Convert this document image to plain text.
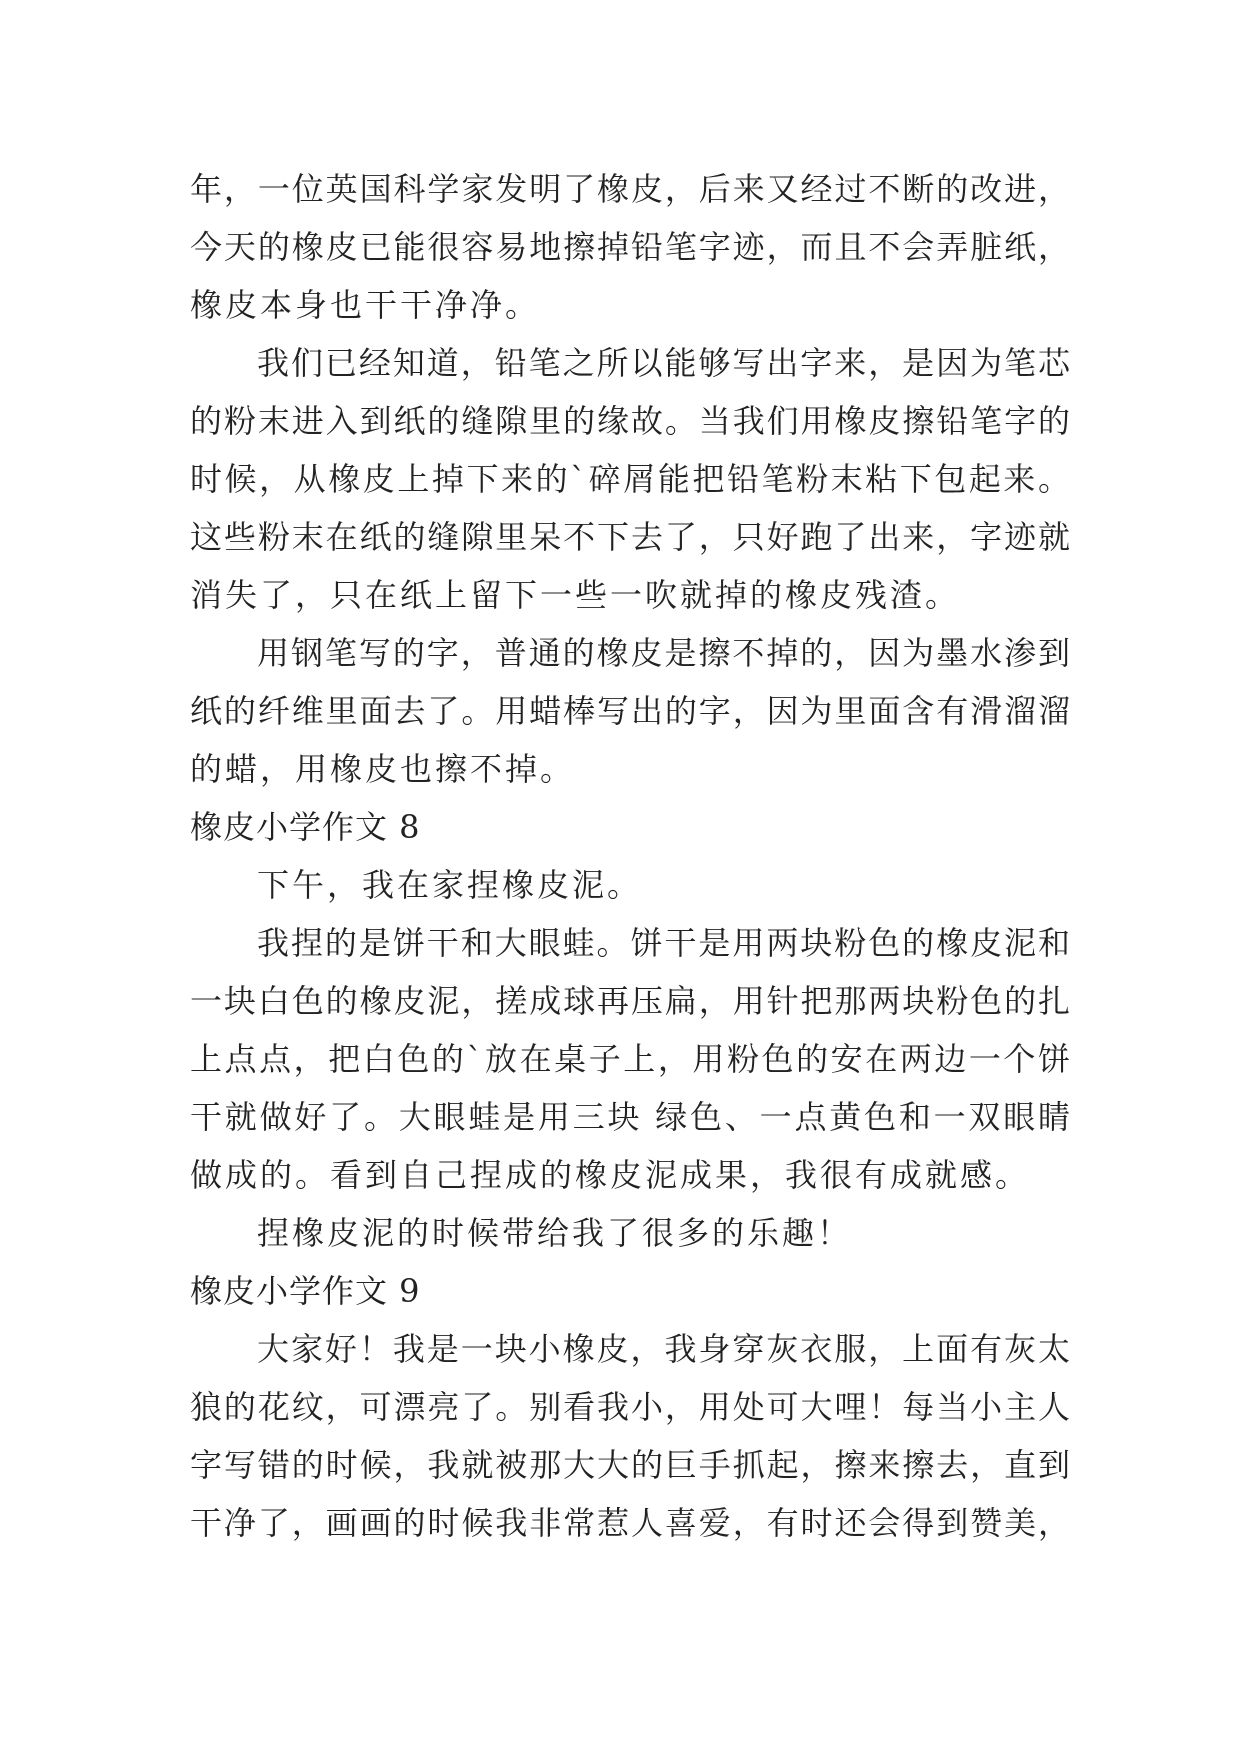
年，一位英国科学家发明了橡皮，后来又经过不断的改进，
今天的橡皮已能很容易地擦掉铅笔字迹，而且不会弄脏纸，
橡皮本身也干干净净。
我们已经知道，铅笔之所以能够写出字来，是因为笔芯
的粉末进入到纸的缝隙里的缘故。当我们用橡皮擦铅笔字的
时候，从橡皮上掉下来的`碎屑能把铅笔粉末粘下包起来。
这些粉末在纸的缝隙里呆不下去了，只好跑了出来，字迹就
消失了，只在纸上留下一些一吹就掉的橡皮残渣。
用钢笔写的字，普通的橡皮是擦不掉的，因为墨水渗到
纸的纤维里面去了。用蜡棒写出的字，因为里面含有滑溜溜
的蜡，用橡皮也擦不掉。
橡皮小学作文 8
下午，我在家捏橡皮泥。
我捏的是饼干和大眼蛙。饼干是用两块粉色的橡皮泥和
一块白色的橡皮泥，搓成球再压扁，用针把那两块粉色的扎
上点点，把白色的`放在桌子上，用粉色的安在两边一个饼
干就做好了。大眼蛙是用三块 绿色、一点黄色和一双眼睛
做成的。看到自己捏成的橡皮泥成果，我很有成就感。
捏橡皮泥的时候带给我了很多的乐趣！
橡皮小学作文 9
大家好！我是一块小橡皮，我身穿灰衣服，上面有灰太
狼的花纹，可漂亮了。别看我小，用处可大哩！每当小主人
字写错的时候，我就被那大大的巨手抓起，擦来擦去，直到
干净了，画画的时候我非常惹人喜爱，有时还会得到赞美，
